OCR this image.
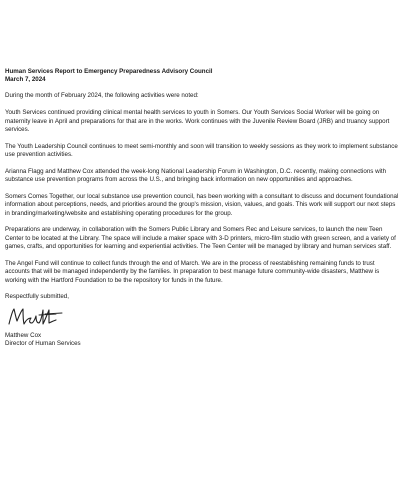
Human Services Report to Emergency Preparedness Advisory Council
March 7, 2024

During the month of February 2024, the following activities were noted:

Youth Services continued providing clinical mental health services to youth in Somers. Our Youth Services Social Worker will be going on maternity leave in April and preparations for that are in the works. Work continues with the Juvenile Review Board (JRB) and truancy support services.

The Youth Leadership Council continues to meet semi-monthly and soon will transition to weekly sessions as they work to implement substance use prevention activities.

Arianna Flagg and Matthew Cox attended the week-long National Leadership Forum in Washington, D.C. recently, making connections with substance use prevention programs from across the U.S., and bringing back information on new opportunities and approaches.

Somers Comes Together, our local substance use prevention council, has been working with a consultant to discuss and document foundational information about perceptions, needs, and priorities around the group's mission, vision, values, and goals. This work will support our next steps in branding/marketing/website and establishing operating procedures for the group.

Preparations are underway, in collaboration with the Somers Public Library and Somers Rec and Leisure services, to launch the new Teen Center to be located at the Library. The space will include a maker space with 3-D printers, micro-film studio with green screen, and a variety of games, crafts, and opportunities for learning and experiential activities. The Teen Center will be managed by library and human services staff.

The Angel Fund will continue to collect funds through the end of March. We are in the process of reestablishing remaining funds to trust accounts that will be managed independently by the families. In preparation to best manage future community-wide disasters, Matthew is working with the Hartford Foundation to be the repository for funds in the future.

Respectfully submitted,

Matthew Cox
Director of Human Services
